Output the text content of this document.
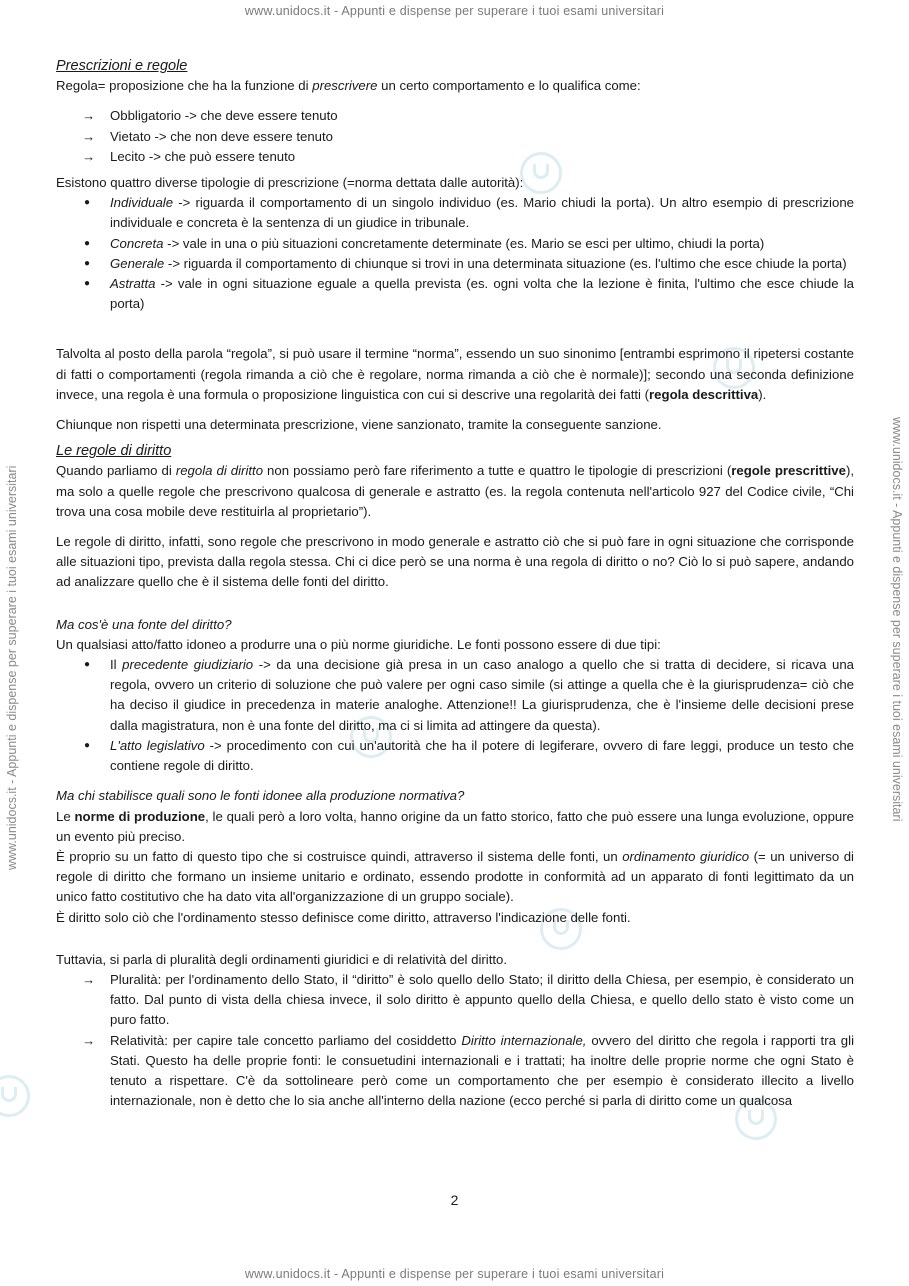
www.unidocs.it - Appunti e dispense per superare i tuoi esami universitari
www.unidocs.it - Appunti e dispense per superare i tuoi esami universitari
www.unidocs.it - Appunti e dispense per superare i tuoi esami universitari	www.unidocs.it - Appunti e dispense per superare i tuoi esami universitari

Prescrizioni e regole

Regola= proposizione che ha la funzione di prescrivere un certo comportamento e lo qualifica come:

→ Obbligatorio -> che deve essere tenuto
→ Vietato -> che non deve essere tenuto
→ Lecito -> che può essere tenuto

Esistono quattro diverse tipologie di prescrizione (=norma dettata dalle autorità):

● Individuale -> riguarda il comportamento di un singolo individuo (es. Mario chiudi la porta). Un altro esempio di prescrizione individuale e concreta è la sentenza di un giudice in tribunale.
● Concreta -> vale in una o più situazioni concretamente determinate (es. Mario se esci per ultimo, chiudi la porta)
● Generale -> riguarda il comportamento di chiunque si trovi in una determinata situazione (es. l'ultimo che esce chiude la porta)
● Astratta -> vale in ogni situazione eguale a quella prevista (es. ogni volta che la lezione è finita, l'ultimo che esce chiude la porta)

Talvolta al posto della parola “regola”, si può usare il termine “norma”, essendo un suo sinonimo [entrambi esprimono il ripetersi costante di fatti o comportamenti (regola rimanda a ciò che è regolare, norma rimanda a ciò che è normale)]; secondo una seconda definizione invece, una regola è una formula o proposizione linguistica con cui si descrive una regolarità dei fatti (regola descrittiva).

Chiunque non rispetti una determinata prescrizione, viene sanzionato, tramite la conseguente sanzione.

Le regole di diritto

Quando parliamo di regola di diritto non possiamo però fare riferimento a tutte e quattro le tipologie di prescrizioni (regole prescrittive), ma solo a quelle regole che prescrivono qualcosa di generale e astratto (es. la regola contenuta nell'articolo 927 del Codice civile, “Chi trova una cosa mobile deve restituirla al proprietario”).

Le regole di diritto, infatti, sono regole che prescrivono in modo generale e astratto ciò che si può fare in ogni situazione che corrisponde alle situazioni tipo, prevista dalla regola stessa. Chi ci dice però se una norma è una regola di diritto o no? Ciò lo si può sapere, andando ad analizzare quello che è il sistema delle fonti del diritto.

Ma cos'è una fonte del diritto?

Un qualsiasi atto/fatto idoneo a produrre una o più norme giuridiche. Le fonti possono essere di due tipi:

● Il precedente giudiziario -> da una decisione già presa in un caso analogo a quello che si tratta di decidere, si ricava una regola, ovvero un criterio di soluzione che può valere per ogni caso simile (si attinge a quella che è la giurisprudenza= ciò che ha deciso il giudice in precedenza in materie analoghe. Attenzione!! La giurisprudenza, che è l'insieme delle decisioni prese dalla magistratura, non è una fonte del diritto, ma ci si limita ad attingere da questa).
● L'atto legislativo -> procedimento con cui un'autorità che ha il potere di legiferare, ovvero di fare leggi, produce un testo che contiene regole di diritto.

Ma chi stabilisce quali sono le fonti idonee alla produzione normativa?

Le norme di produzione, le quali però a loro volta, hanno origine da un fatto storico, fatto che può essere una lunga evoluzione, oppure un evento più preciso.

È proprio su un fatto di questo tipo che si costruisce quindi, attraverso il sistema delle fonti, un ordinamento giuridico (= un universo di regole di diritto che formano un insieme unitario e ordinato, essendo prodotte in conformità ad un apparato di fonti legittimato da un unico fatto costitutivo che ha dato vita all'organizzazione di un gruppo sociale).

È diritto solo ciò che l'ordinamento stesso definisce come diritto, attraverso l'indicazione delle fonti.

Tuttavia, si parla di pluralità degli ordinamenti giuridici e di relatività del diritto.

→ Pluralità: per l'ordinamento dello Stato, il “diritto” è solo quello dello Stato; il diritto della Chiesa, per esempio, è considerato un fatto. Dal punto di vista della chiesa invece, il solo diritto è appunto quello della Chiesa, e quello dello stato è visto come un puro fatto.
→ Relatività: per capire tale concetto parliamo del cosiddetto Diritto internazionale, ovvero del diritto che regola i rapporti tra gli Stati. Questo ha delle proprie fonti: le consuetudini internazionali e i trattati; ha inoltre delle proprie norme che ogni Stato è tenuto a rispettare. C'è da sottolineare però come un comportamento che per esempio è considerato illecito a livello internazionale, non è detto che lo sia anche all'interno della nazione (ecco perché si parla di diritto come un qualcosa
2
